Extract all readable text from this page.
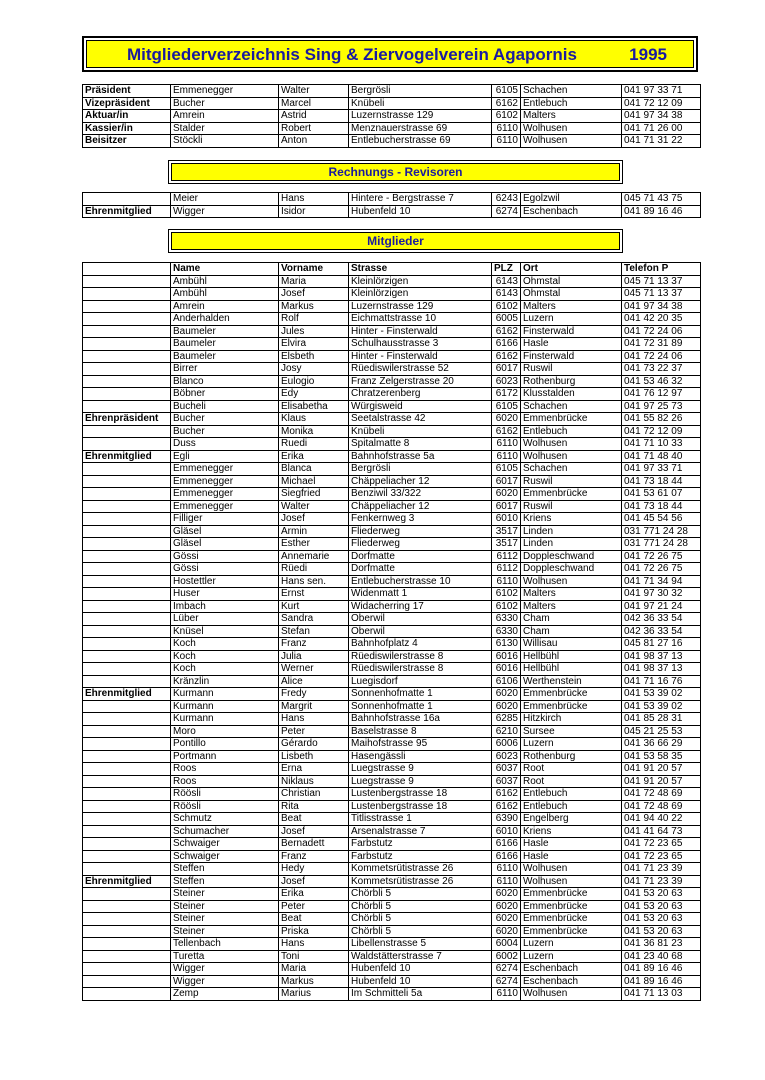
Mitgliederverzeichnis Sing & Ziervogelverein Agapornis	1995
Präsident	Emmenegger	Walter	Bergrösli	6105	Schachen	041 97 33 71
Vizepräsident	Bucher	Marcel	Knübeli	6162	Entlebuch	041 72 12 09
Aktuar/in	Amrein	Astrid	Luzernstrasse 129	6102	Malters	041 97 34 38
Kassier/in	Stalder	Robert	Menznauerstrasse 69	6110	Wolhusen	041 71 26 00
Beisitzer	Stöckli	Anton	Entlebucherstrasse 69	6110	Wolhusen	041 71 31 22
Rechnungs - Revisoren
	Meier	Hans	Hintere - Bergstrasse 7	6243	Egolzwil	045 71 43 75
Ehrenmitglied	Wigger	Isidor	Hubenfeld 10	6274	Eschenbach	041 89 16 46
Mitglieder
	Name	Vorname	Strasse	PLZ	Ort	Telefon P
	Ambühl	Maria	Kleinlörzigen	6143	Ohmstal	045 71 13 37
	Ambühl	Josef	Kleinlörzigen	6143	Ohmstal	045 71 13 37
	Amrein	Markus	Luzernstrasse 129	6102	Malters	041 97 34 38
	Anderhalden	Rolf	Eichmattstrasse 10	6005	Luzern	041 42 20 35
	Baumeler	Jules	Hinter - Finsterwald	6162	Finsterwald	041 72 24 06
	Baumeler	Elvira	Schulhausstrasse 3	6166	Hasle	041 72 31 89
	Baumeler	Elsbeth	Hinter - Finsterwald	6162	Finsterwald	041 72 24 06
	Birrer	Josy	Rüediswilerstrasse 52	6017	Ruswil	041 73 22 37
	Blanco	Eulogio	Franz Zelgerstrasse 20	6023	Rothenburg	041 53 46 32
	Böbner	Edy	Chratzerenberg	6172	Klusstalden	041 76 12 97
	Bucheli	Elisabetha	Würgisweid	6105	Schachen	041 97 25 73
Ehrenpräsident	Bucher	Klaus	Seetalstrasse 42	6020	Emmenbrücke	041 55 82 26
	Bucher	Monika	Knübeli	6162	Entlebuch	041 72 12 09
	Duss	Ruedi	Spitalmatte 8	6110	Wolhusen	041 71 10 33
Ehrenmitglied	Egli	Erika	Bahnhofstrasse 5a	6110	Wolhusen	041 71 48 40
	Emmenegger	Blanca	Bergrösli	6105	Schachen	041 97 33 71
	Emmenegger	Michael	Chäppeliacher 12	6017	Ruswil	041 73 18 44
	Emmenegger	Siegfried	Benziwil 33/322	6020	Emmenbrücke	041 53 61 07
	Emmenegger	Walter	Chäppeliacher 12	6017	Ruswil	041 73 18 44
	Filliger	Josef	Fenkernweg 3	6010	Kriens	041 45 54 56
	Gläsel	Armin	Fliederweg	3517	Linden	031 771 24 28
	Gläsel	Esther	Fliederweg	3517	Linden	031 771 24 28
	Gössi	Annemarie	Dorfmatte	6112	Doppleschwand	041 72 26 75
	Gössi	Rüedi	Dorfmatte	6112	Doppleschwand	041 72 26 75
	Hostettler	Hans sen.	Entlebucherstrasse 10	6110	Wolhusen	041 71 34 94
	Huser	Ernst	Widenmatt 1	6102	Malters	041 97 30 32
	Imbach	Kurt	Widacherring 17	6102	Malters	041 97 21 24
	Lüber	Sandra	Oberwil	6330	Cham	042 36 33 54
	Knüsel	Stefan	Oberwil	6330	Cham	042 36 33 54
	Koch	Franz	Bahnhofplatz 4	6130	Willisau	045 81 27 16
	Koch	Julia	Rüediswilerstrasse 8	6016	Hellbühl	041 98 37 13
	Koch	Werner	Rüediswilerstrasse 8	6016	Hellbühl	041 98 37 13
	Kränzlin	Alice	Luegisdorf	6106	Werthenstein	041 71 16 76
Ehrenmitglied	Kurmann	Fredy	Sonnenhofmatte 1	6020	Emmenbrücke	041 53 39 02
	Kurmann	Margrit	Sonnenhofmatte 1	6020	Emmenbrücke	041 53 39 02
	Kurmann	Hans	Bahnhofstrasse 16a	6285	Hitzkirch	041 85 28 31
	Moro	Peter	Baselstrasse 8	6210	Sursee	045 21 25 53
	Pontillo	Gérardo	Maihofstrasse 95	6006	Luzern	041 36 66 29
	Portmann	Lisbeth	Hasengässli	6023	Rothenburg	041 53 58 35
	Roos	Erna	Luegstrasse 9	6037	Root	041 91 20 57
	Roos	Niklaus	Luegstrasse 9	6037	Root	041 91 20 57
	Röösli	Christian	Lustenbergstrasse 18	6162	Entlebuch	041 72 48 69
	Röösli	Rita	Lustenbergstrasse 18	6162	Entlebuch	041 72 48 69
	Schmutz	Beat	Titlisstrasse 1	6390	Engelberg	041 94 40 22
	Schumacher	Josef	Arsenalstrasse 7	6010	Kriens	041 41 64 73
	Schwaiger	Bernadett	Farbstutz	6166	Hasle	041 72 23 65
	Schwaiger	Franz	Farbstutz	6166	Hasle	041 72 23 65
	Steffen	Hedy	Kommetsrütistrasse 26	6110	Wolhusen	041 71 23 39
Ehrenmitglied	Steffen	Josef	Kommetsrütistrasse 26	6110	Wolhusen	041 71 23 39
	Steiner	Erika	Chörbli 5	6020	Emmenbrücke	041 53 20 63
	Steiner	Peter	Chörbli 5	6020	Emmenbrücke	041 53 20 63
	Steiner	Beat	Chörbli 5	6020	Emmenbrücke	041 53 20 63
	Steiner	Priska	Chörbli 5	6020	Emmenbrücke	041 53 20 63
	Tellenbach	Hans	Libellenstrasse 5	6004	Luzern	041 36 81 23
	Turetta	Toni	Waldstätterstrasse 7	6002	Luzern	041 23 40 68
	Wigger	Maria	Hubenfeld 10	6274	Eschenbach	041 89 16 46
	Wigger	Markus	Hubenfeld 10	6274	Eschenbach	041 89 16 46
	Zemp	Marius	Im Schmitteli 5a	6110	Wolhusen	041 71 13 03
